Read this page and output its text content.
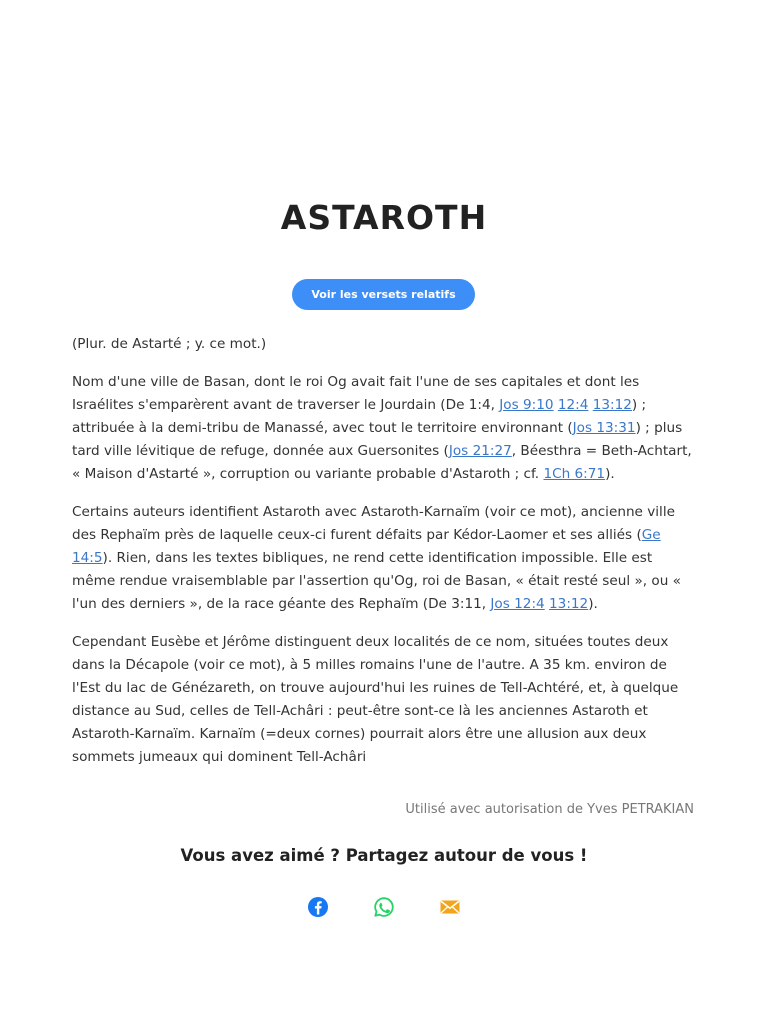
ASTAROTH
Voir les versets relatifs

(Plur. de Astarté ; y. ce mot.)

Nom d'une ville de Basan, dont le roi Og avait fait l'une de ses capitales et dont les Israélites s'emparèrent avant de traverser le Jourdain (De 1:4, Jos 9:10 12:4 13:12) ; attribuée à la demi-tribu de Manassé, avec tout le territoire environnant (Jos 13:31) ; plus tard ville lévitique de refuge, donnée aux Guersonites (Jos 21:27, Béesthra = Beth-Achtart, « Maison d'Astarté », corruption ou variante probable d'Astaroth ; cf. 1Ch 6:71).

Certains auteurs identifient Astaroth avec Astaroth-Karnaïm (voir ce mot), ancienne ville des Rephaïm près de laquelle ceux-ci furent défaits par Kédor-Laomer et ses alliés (Ge 14:5). Rien, dans les textes bibliques, ne rend cette identification impossible. Elle est même rendue vraisemblable par l'assertion qu'Og, roi de Basan, « était resté seul », ou « l'un des derniers », de la race géante des Rephaïm (De 3:11, Jos 12:4 13:12).

Cependant Eusèbe et Jérôme distinguent deux localités de ce nom, situées toutes deux dans la Décapole (voir ce mot), à 5 milles romains l'une de l'autre. A 35 km. environ de l'Est du lac de Génézareth, on trouve aujourd'hui les ruines de Tell-Achtéré, et, à quelque distance au Sud, celles de Tell-Achâri : peut-être sont-ce là les anciennes Astaroth et Astaroth-Karnaïm. Karnaïm (=deux cornes) pourrait alors être une allusion aux deux sommets jumeaux qui dominent Tell-Achâri

Utilisé avec autorisation de Yves PETRAKIAN
Vous avez aimé ? Partagez autour de vous !
